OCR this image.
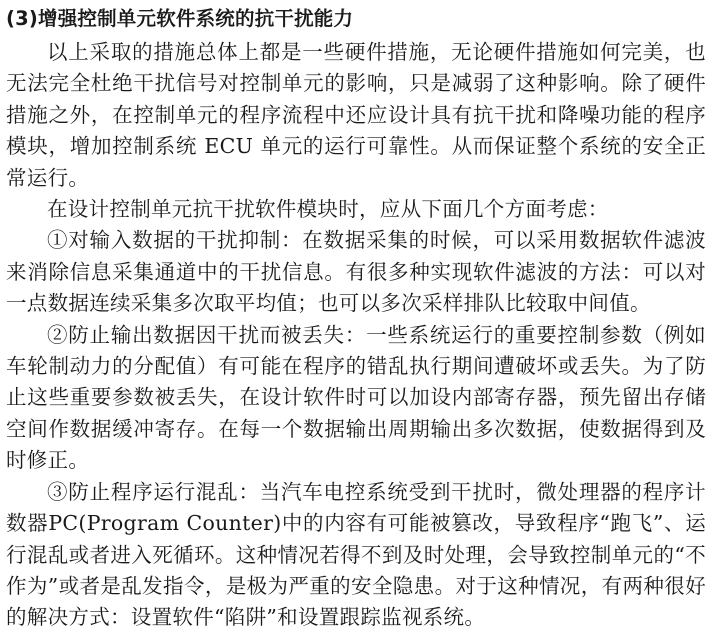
(3)增强控制单元软件系统的抗干扰能力

以上采取的措施总体上都是一些硬件措施，无论硬件措施如何完美，也无法完全杜绝干扰信号对控制单元的影响，只是减弱了这种影响。除了硬件措施之外，在控制单元的程序流程中还应设计具有抗干扰和降噪功能的程序模块，增加控制系统 ECU 单元的运行可靠性。从而保证整个系统的安全正常运行。

在设计控制单元抗干扰软件模块时，应从下面几个方面考虑：

①对输入数据的干扰抑制：在数据采集的时候，可以采用数据软件滤波来消除信息采集通道中的干扰信息。有很多种实现软件滤波的方法：可以对一点数据连续采集多次取平均值；也可以多次采样排队比较取中间值。

②防止输出数据因干扰而被丢失：一些系统运行的重要控制参数（例如车轮制动力的分配值）有可能在程序的错乱执行期间遭破坏或丢失。为了防止这些重要参数被丢失，在设计软件时可以加设内部寄存器，预先留出存储空间作数据缓冲寄存。在每一个数据输出周期输出多次数据，使数据得到及时修正。

③防止程序运行混乱：当汽车电控系统受到干扰时，微处理器的程序计数器PC(Program Counter)中的内容有可能被篡改，导致程序“跑飞”、运行混乱或者进入死循环。这种情况若得不到及时处理，会导致控制单元的“不作为”或者是乱发指令，是极为严重的安全隐患。对于这种情况，有两种很好的解决方式：设置软件“陷阱”和设置跟踪监视系统。
